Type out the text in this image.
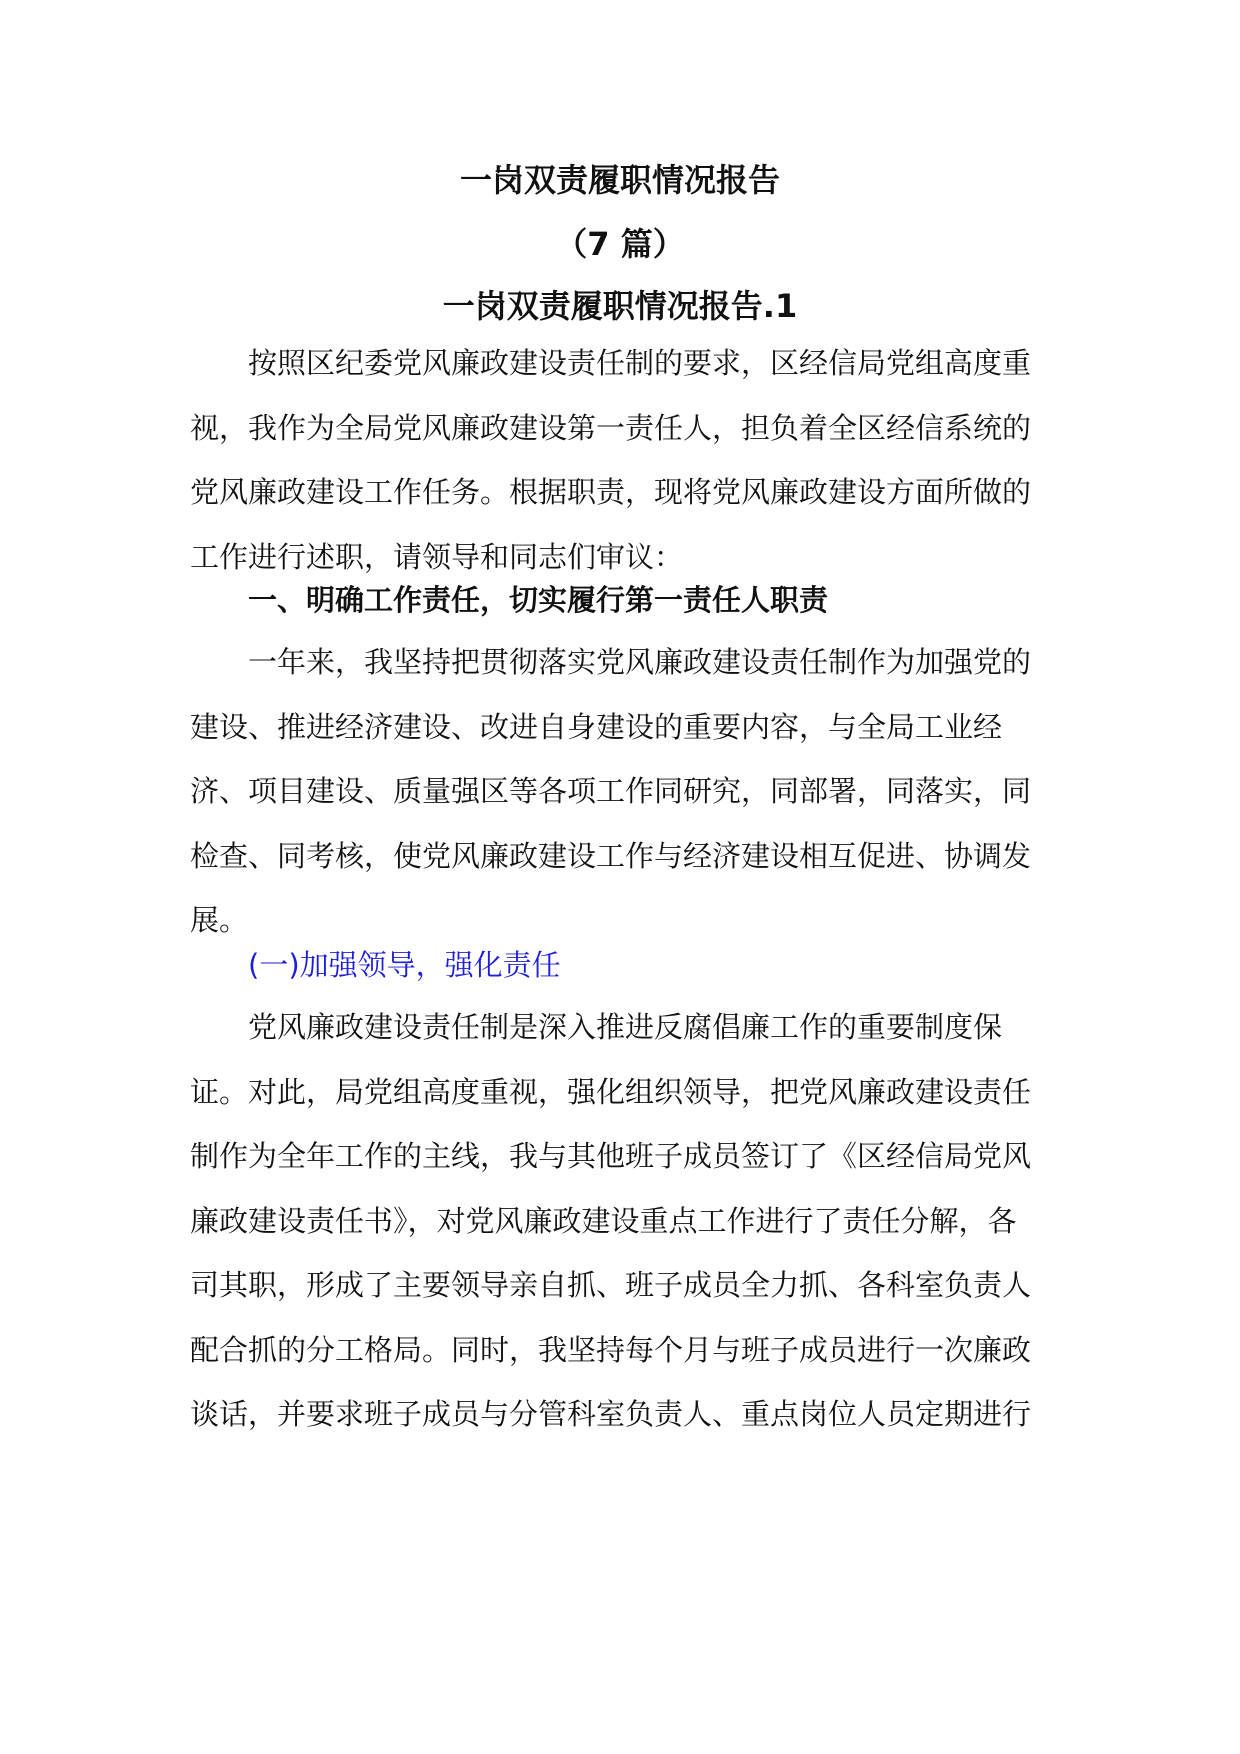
一岗双责履职情况报告
（7 篇）
一岗双责履职情况报告.1
按照区纪委党风廉政建设责任制的要求，区经信局党组高度重
视，我作为全局党风廉政建设第一责任人，担负着全区经信系统的
党风廉政建设工作任务。根据职责，现将党风廉政建设方面所做的
工作进行述职，请领导和同志们审议：
一、明确工作责任，切实履行第一责任人职责
一年来，我坚持把贯彻落实党风廉政建设责任制作为加强党的
建设、推进经济建设、改进自身建设的重要内容，与全局工业经
济、项目建设、质量强区等各项工作同研究，同部署，同落实，同
检查、同考核，使党风廉政建设工作与经济建设相互促进、协调发
展。
(一)加强领导，强化责任
党风廉政建设责任制是深入推进反腐倡廉工作的重要制度保
证。对此，局党组高度重视，强化组织领导，把党风廉政建设责任
制作为全年工作的主线，我与其他班子成员签订了《区经信局党风
廉政建设责任书》，对党风廉政建设重点工作进行了责任分解，各
司其职，形成了主要领导亲自抓、班子成员全力抓、各科室负责人
配合抓的分工格局。同时，我坚持每个月与班子成员进行一次廉政
谈话，并要求班子成员与分管科室负责人、重点岗位人员定期进行
